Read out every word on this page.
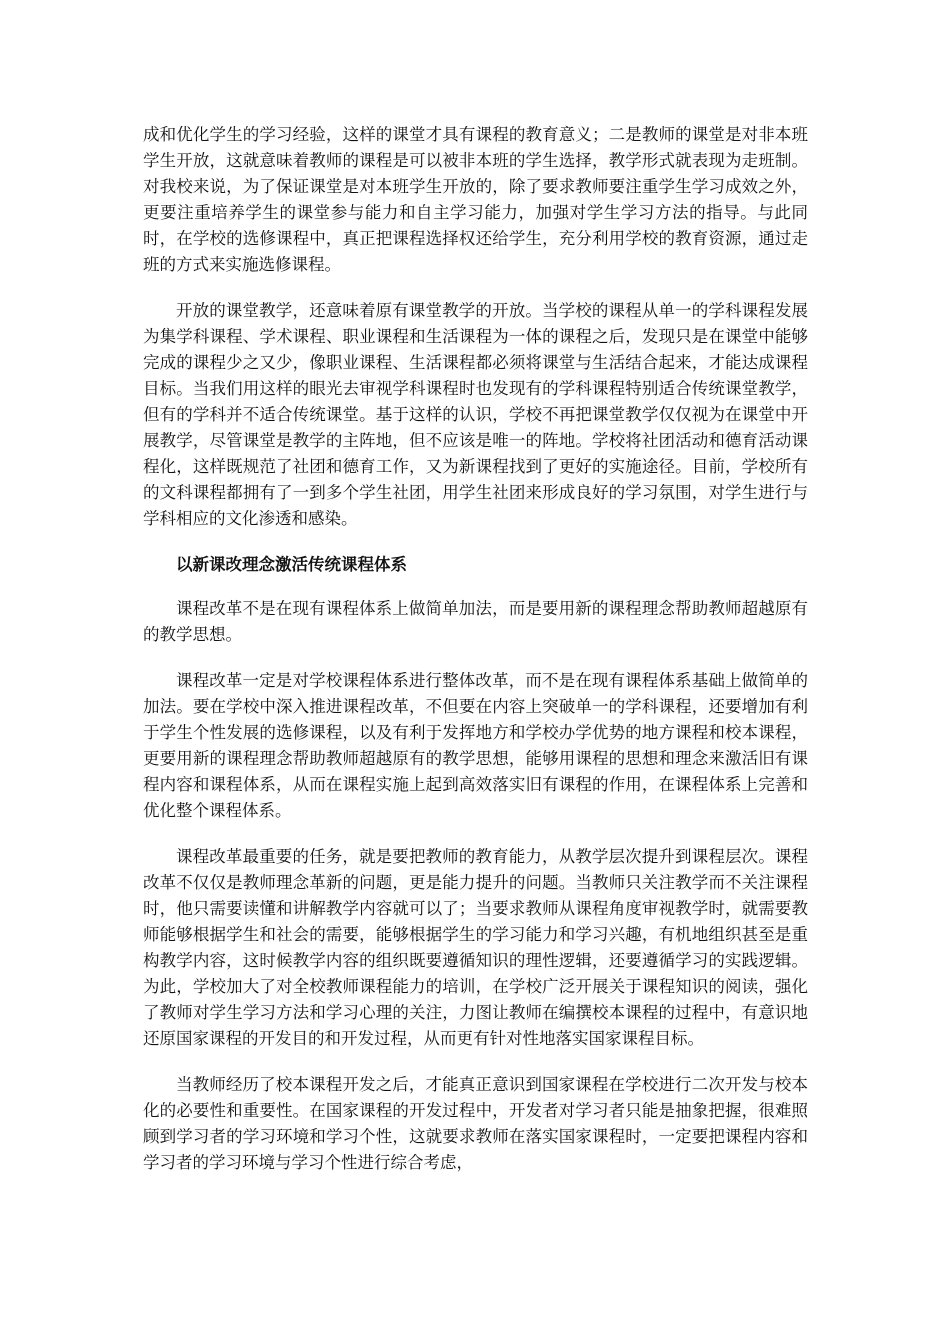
成和优化学生的学习经验，这样的课堂才具有课程的教育意义；二是教师的课堂是对非本班学生开放，这就意味着教师的课程是可以被非本班的学生选择，教学形式就表现为走班制。对我校来说，为了保证课堂是对本班学生开放的，除了要求教师要注重学生学习成效之外，更要注重培养学生的课堂参与能力和自主学习能力，加强对学生学习方法的指导。与此同时，在学校的选修课程中，真正把课程选择权还给学生，充分利用学校的教育资源，通过走班的方式来实施选修课程。

开放的课堂教学，还意味着原有课堂教学的开放。当学校的课程从单一的学科课程发展为集学科课程、学术课程、职业课程和生活课程为一体的课程之后，发现只是在课堂中能够完成的课程少之又少，像职业课程、生活课程都必须将课堂与生活结合起来，才能达成课程目标。当我们用这样的眼光去审视学科课程时也发现有的学科课程特别适合传统课堂教学，但有的学科并不适合传统课堂。基于这样的认识，学校不再把课堂教学仅仅视为在课堂中开展教学，尽管课堂是教学的主阵地，但不应该是唯一的阵地。学校将社团活动和德育活动课程化，这样既规范了社团和德育工作，又为新课程找到了更好的实施途径。目前，学校所有的文科课程都拥有了一到多个学生社团，用学生社团来形成良好的学习氛围，对学生进行与学科相应的文化渗透和感染。

以新课改理念激活传统课程体系

课程改革不是在现有课程体系上做简单加法，而是要用新的课程理念帮助教师超越原有的教学思想。

课程改革一定是对学校课程体系进行整体改革，而不是在现有课程体系基础上做简单的加法。要在学校中深入推进课程改革，不但要在内容上突破单一的学科课程，还要增加有利于学生个性发展的选修课程，以及有利于发挥地方和学校办学优势的地方课程和校本课程，更要用新的课程理念帮助教师超越原有的教学思想，能够用课程的思想和理念来激活旧有课程内容和课程体系，从而在课程实施上起到高效落实旧有课程的作用，在课程体系上完善和优化整个课程体系。

课程改革最重要的任务，就是要把教师的教育能力，从教学层次提升到课程层次。课程改革不仅仅是教师理念革新的问题，更是能力提升的问题。当教师只关注教学而不关注课程时，他只需要读懂和讲解教学内容就可以了；当要求教师从课程角度审视教学时，就需要教师能够根据学生和社会的需要，能够根据学生的学习能力和学习兴趣，有机地组织甚至是重构教学内容，这时候教学内容的组织既要遵循知识的理性逻辑，还要遵循学习的实践逻辑。为此，学校加大了对全校教师课程能力的培训，在学校广泛开展关于课程知识的阅读，强化了教师对学生学习方法和学习心理的关注，力图让教师在编撰校本课程的过程中，有意识地还原国家课程的开发目的和开发过程，从而更有针对性地落实国家课程目标。

当教师经历了校本课程开发之后，才能真正意识到国家课程在学校进行二次开发与校本化的必要性和重要性。在国家课程的开发过程中，开发者对学习者只能是抽象把握，很难照顾到学习者的学习环境和学习个性，这就要求教师在落实国家课程时，一定要把课程内容和学习者的学习环境与学习个性进行综合考虑，
